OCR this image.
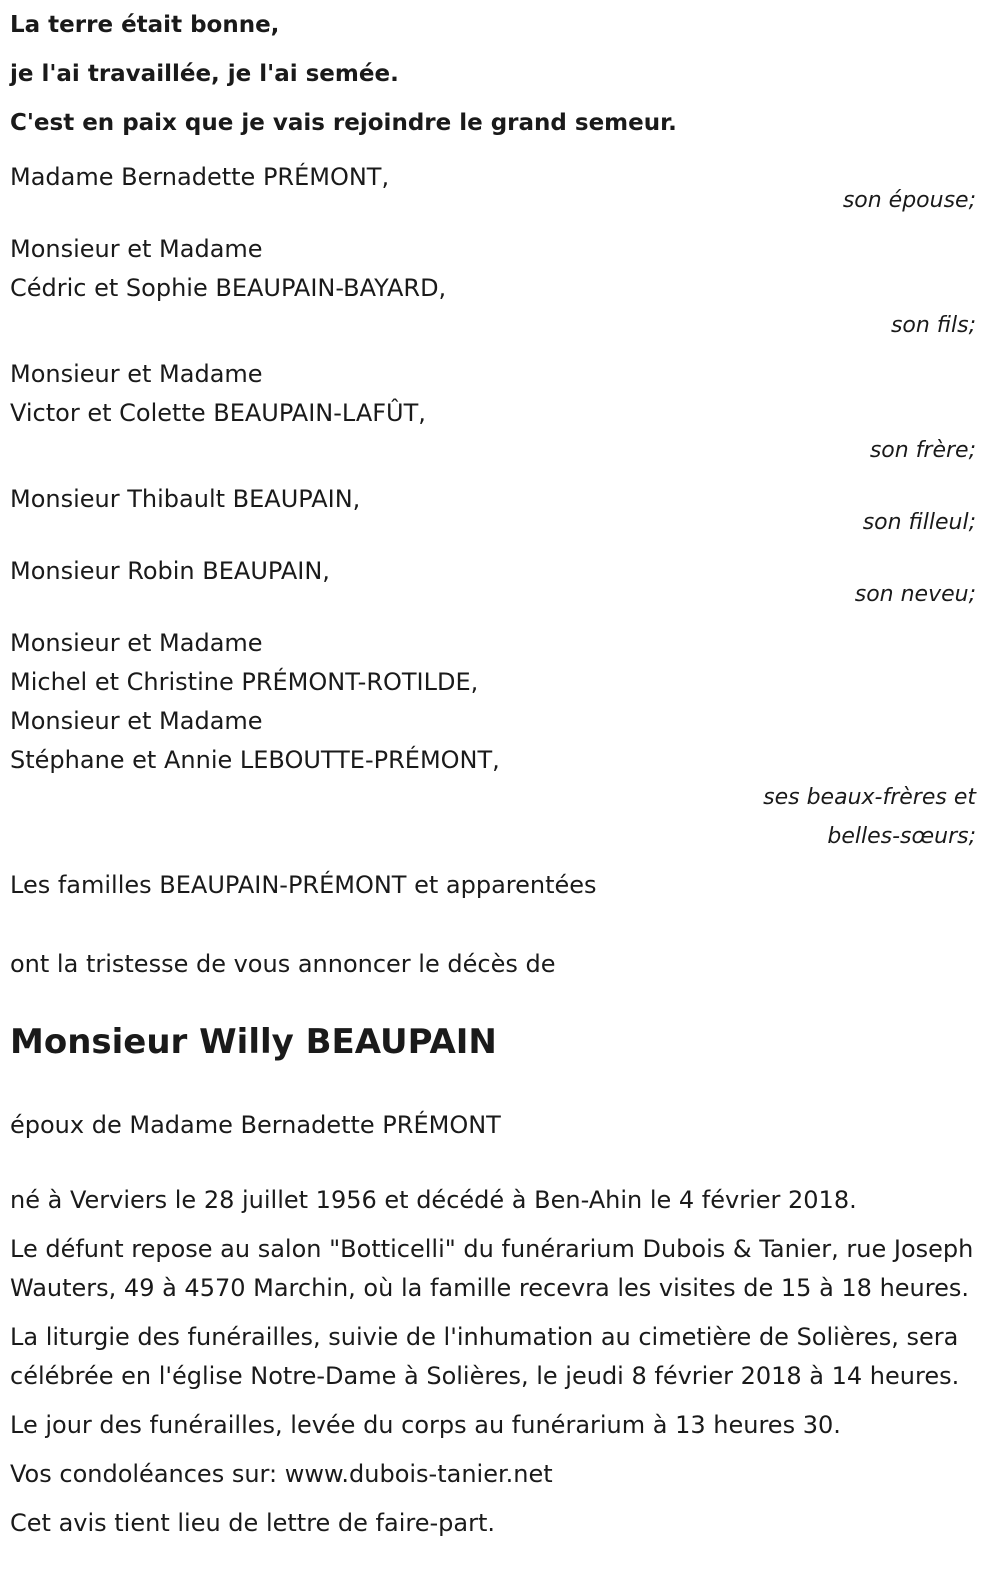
La terre était bonne,
je l'ai travaillée, je l'ai semée.
C'est en paix que je vais rejoindre le grand semeur.
Madame Bernadette PRÉMONT,
son épouse;
Monsieur et Madame
Cédric et Sophie BEAUPAIN-BAYARD,
son fils;
Monsieur et Madame
Victor et Colette BEAUPAIN-LAFÛT,
son frère;
Monsieur Thibault BEAUPAIN,
son filleul;
Monsieur Robin BEAUPAIN,
son neveu;
Monsieur et Madame
Michel et Christine PRÉMONT-ROTILDE,
Monsieur et Madame
Stéphane et Annie LEBOUTTE-PRÉMONT,
ses beaux-frères et
belles-sœurs;
Les familles BEAUPAIN-PRÉMONT et apparentées
ont la tristesse de vous annoncer le décès de
Monsieur Willy BEAUPAIN
époux de Madame Bernadette PRÉMONT
né à Verviers le 28 juillet 1956 et décédé à Ben-Ahin le 4 février 2018.
Le défunt repose au salon "Botticelli" du funérarium Dubois & Tanier, rue Joseph Wauters, 49 à 4570 Marchin, où la famille recevra les visites de 15 à 18 heures.
La liturgie des funérailles, suivie de l'inhumation au cimetière de Solières, sera célébrée en l'église Notre-Dame à Solières, le jeudi 8 février 2018 à 14 heures.
Le jour des funérailles, levée du corps au funérarium à 13 heures 30.
Vos condoléances sur: www.dubois-tanier.net
Cet avis tient lieu de lettre de faire-part.
